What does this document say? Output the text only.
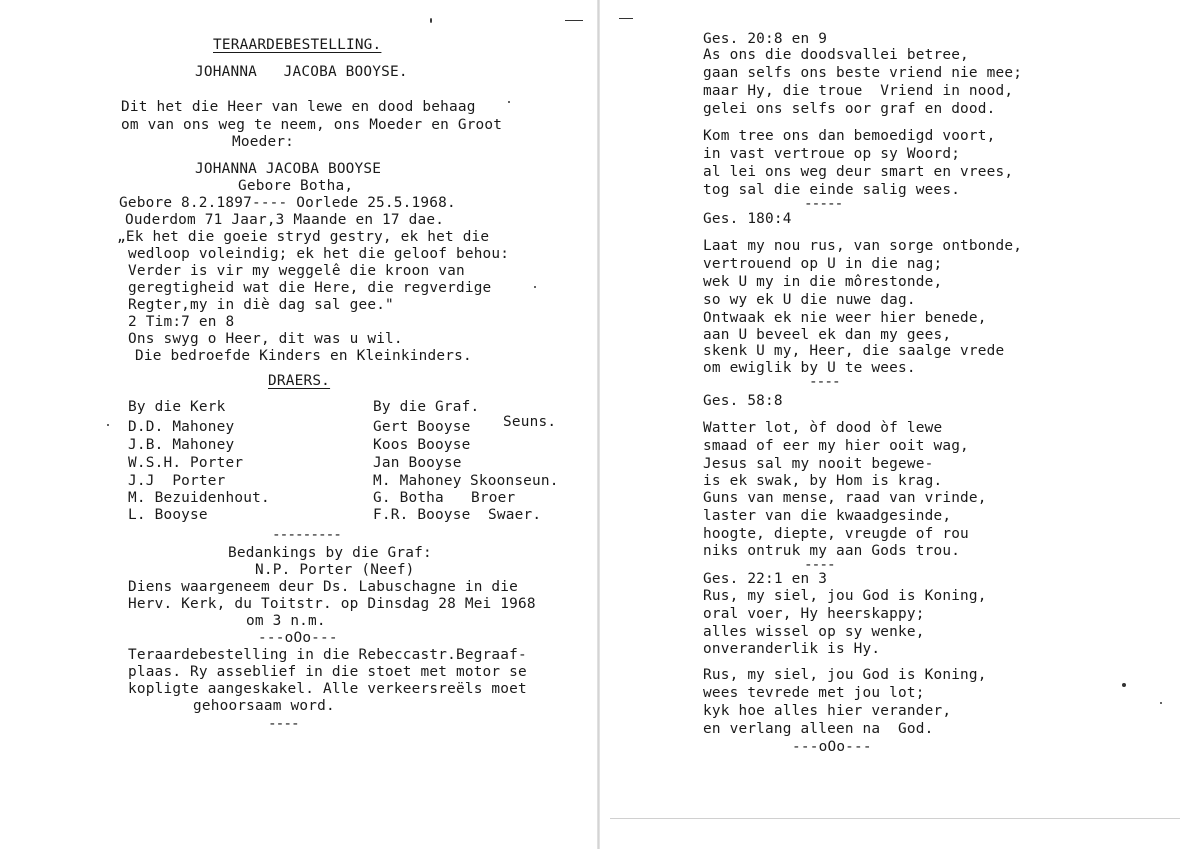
TERAARDEBESTELLING.
JOHANNA   JACOBA BOOYSE.
Dit het die Heer van lewe en dood behaag
om van ons weg te neem, ons Moeder en Groot
Moeder:
JOHANNA JACOBA BOOYSE
Gebore Botha,
Gebore 8.2.1897---- Oorlede 25.5.1968.
Ouderdom 71 Jaar,3 Maande en 17 dae.
„Ek het die goeie stryd gestry, ek het die
wedloop voleindig; ek het die geloof behou:
Verder is vir my weggelê die kroon van
geregtigheid wat die Here, die regverdige
Regter,my in diè dag sal gee."
2 Tim:7 en 8
Ons swyg o Heer, dit was u wil.
Die bedroefde Kinders en Kleinkinders.
DRAERS.
By die Kerk
D.D. Mahoney
J.B. Mahoney
W.S.H. Porter
J.J  Porter
M. Bezuidenhout.
L. Booyse
By die Graf.
Gert Booyse Seuns.
Koos Booyse
Jan Booyse
M. Mahoney Skoonseun.
G. Botha Broer
F.R. Booyse Swaer.
---------
Bedankings by die Graf:
N.P. Porter (Neef)
Diens waargeneem deur Ds. Labuschagne in die
Herv. Kerk, du Toitstr. op Dinsdag 28 Mei 1968
om 3 n.m.
---oOo---
Teraardebestelling in die Rebeccastr.Begraaf-
plaas. Ry asseblief in die stoet met motor se
kopligte aangeskakel. Alle verkeersreëls moet
gehoorsaam word.
----
Ges. 20:8 en 9
As ons die doodsvallei betree,
gaan selfs ons beste vriend nie mee;
maar Hy, die troue  Vriend in nood,
gelei ons selfs oor graf en dood.
Kom tree ons dan bemoedigd voort,
in vast vertroue op sy Woord;
al lei ons weg deur smart en vrees,
tog sal die einde salig wees.
-----
Ges. 180:4
Laat my nou rus, van sorge ontbonde,
vertrouend op U in die nag;
wek U my in die môrestonde,
so wy ek U die nuwe dag.
Ontwaak ek nie weer hier benede,
aan U beveel ek dan my gees,
skenk U my, Heer, die saalge vrede
om ewiglik by U te wees.
----
Ges. 58:8
Watter lot, òf dood òf lewe
smaad of eer my hier ooit wag,
Jesus sal my nooit begewe-
is ek swak, by Hom is krag.
Guns van mense, raad van vrinde,
laster van die kwaadgesinde,
hoogte, diepte, vreugde of rou
niks ontruk my aan Gods trou.
----
Ges. 22:1 en 3
Rus, my siel, jou God is Koning,
oral voer, Hy heerskappy;
alles wissel op sy wenke,
onveranderlik is Hy.
Rus, my siel, jou God is Koning,
wees tevrede met jou lot;
kyk hoe alles hier verander,
en verlang alleen na  God.
---oOo---
